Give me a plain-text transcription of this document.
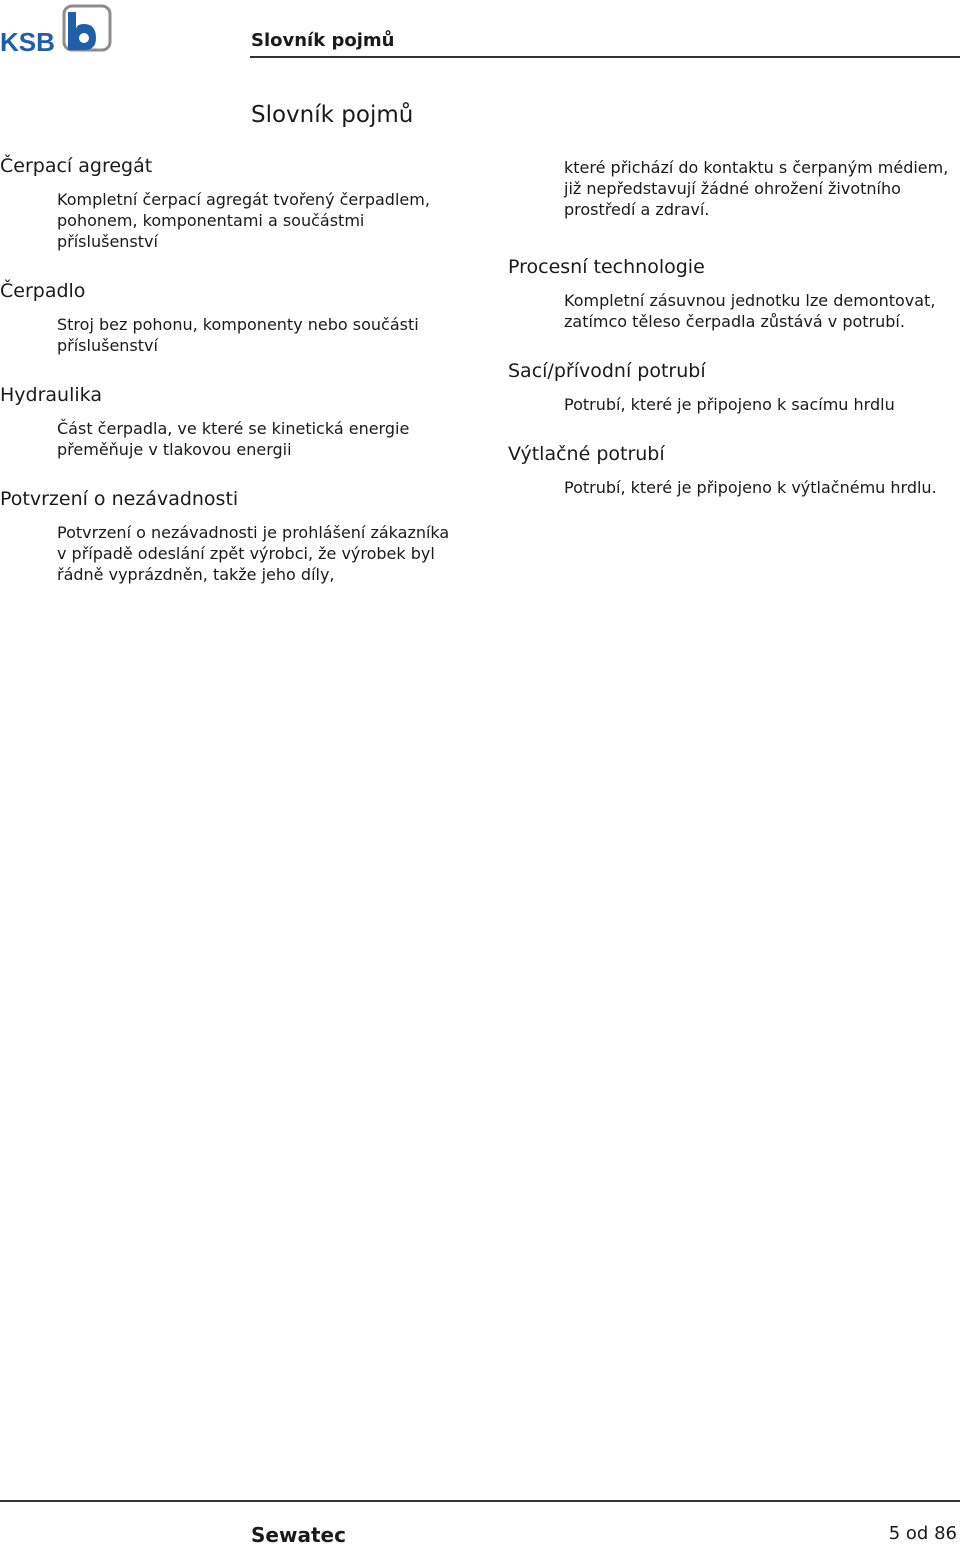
KSB	Slovník pojmů
Slovník pojmů
Čerpací agregát
Kompletní čerpací agregát tvořený čerpadlem, pohonem, komponentami a součástmi příslušenství
Čerpadlo
Stroj bez pohonu, komponenty nebo součásti příslušenství
Hydraulika
Část čerpadla, ve které se kinetická energie přeměňuje v tlakovou energii
Potvrzení o nezávadnosti
Potvrzení o nezávadnosti je prohlášení zákazníka v případě odeslání zpět výrobci, že výrobek byl řádně vyprázdněn, takže jeho díly,
které přichází do kontaktu s čerpaným médiem, již nepředstavují žádné ohrožení životního prostředí a zdraví.
Procesní technologie
Kompletní zásuvnou jednotku lze demontovat, zatímco těleso čerpadla zůstává v potrubí.
Sací/přívodní potrubí
Potrubí, které je připojeno k sacímu hrdlu
Výtlačné potrubí
Potrubí, které je připojeno k výtlačnému hrdlu.
Sewatec	5 od 86
